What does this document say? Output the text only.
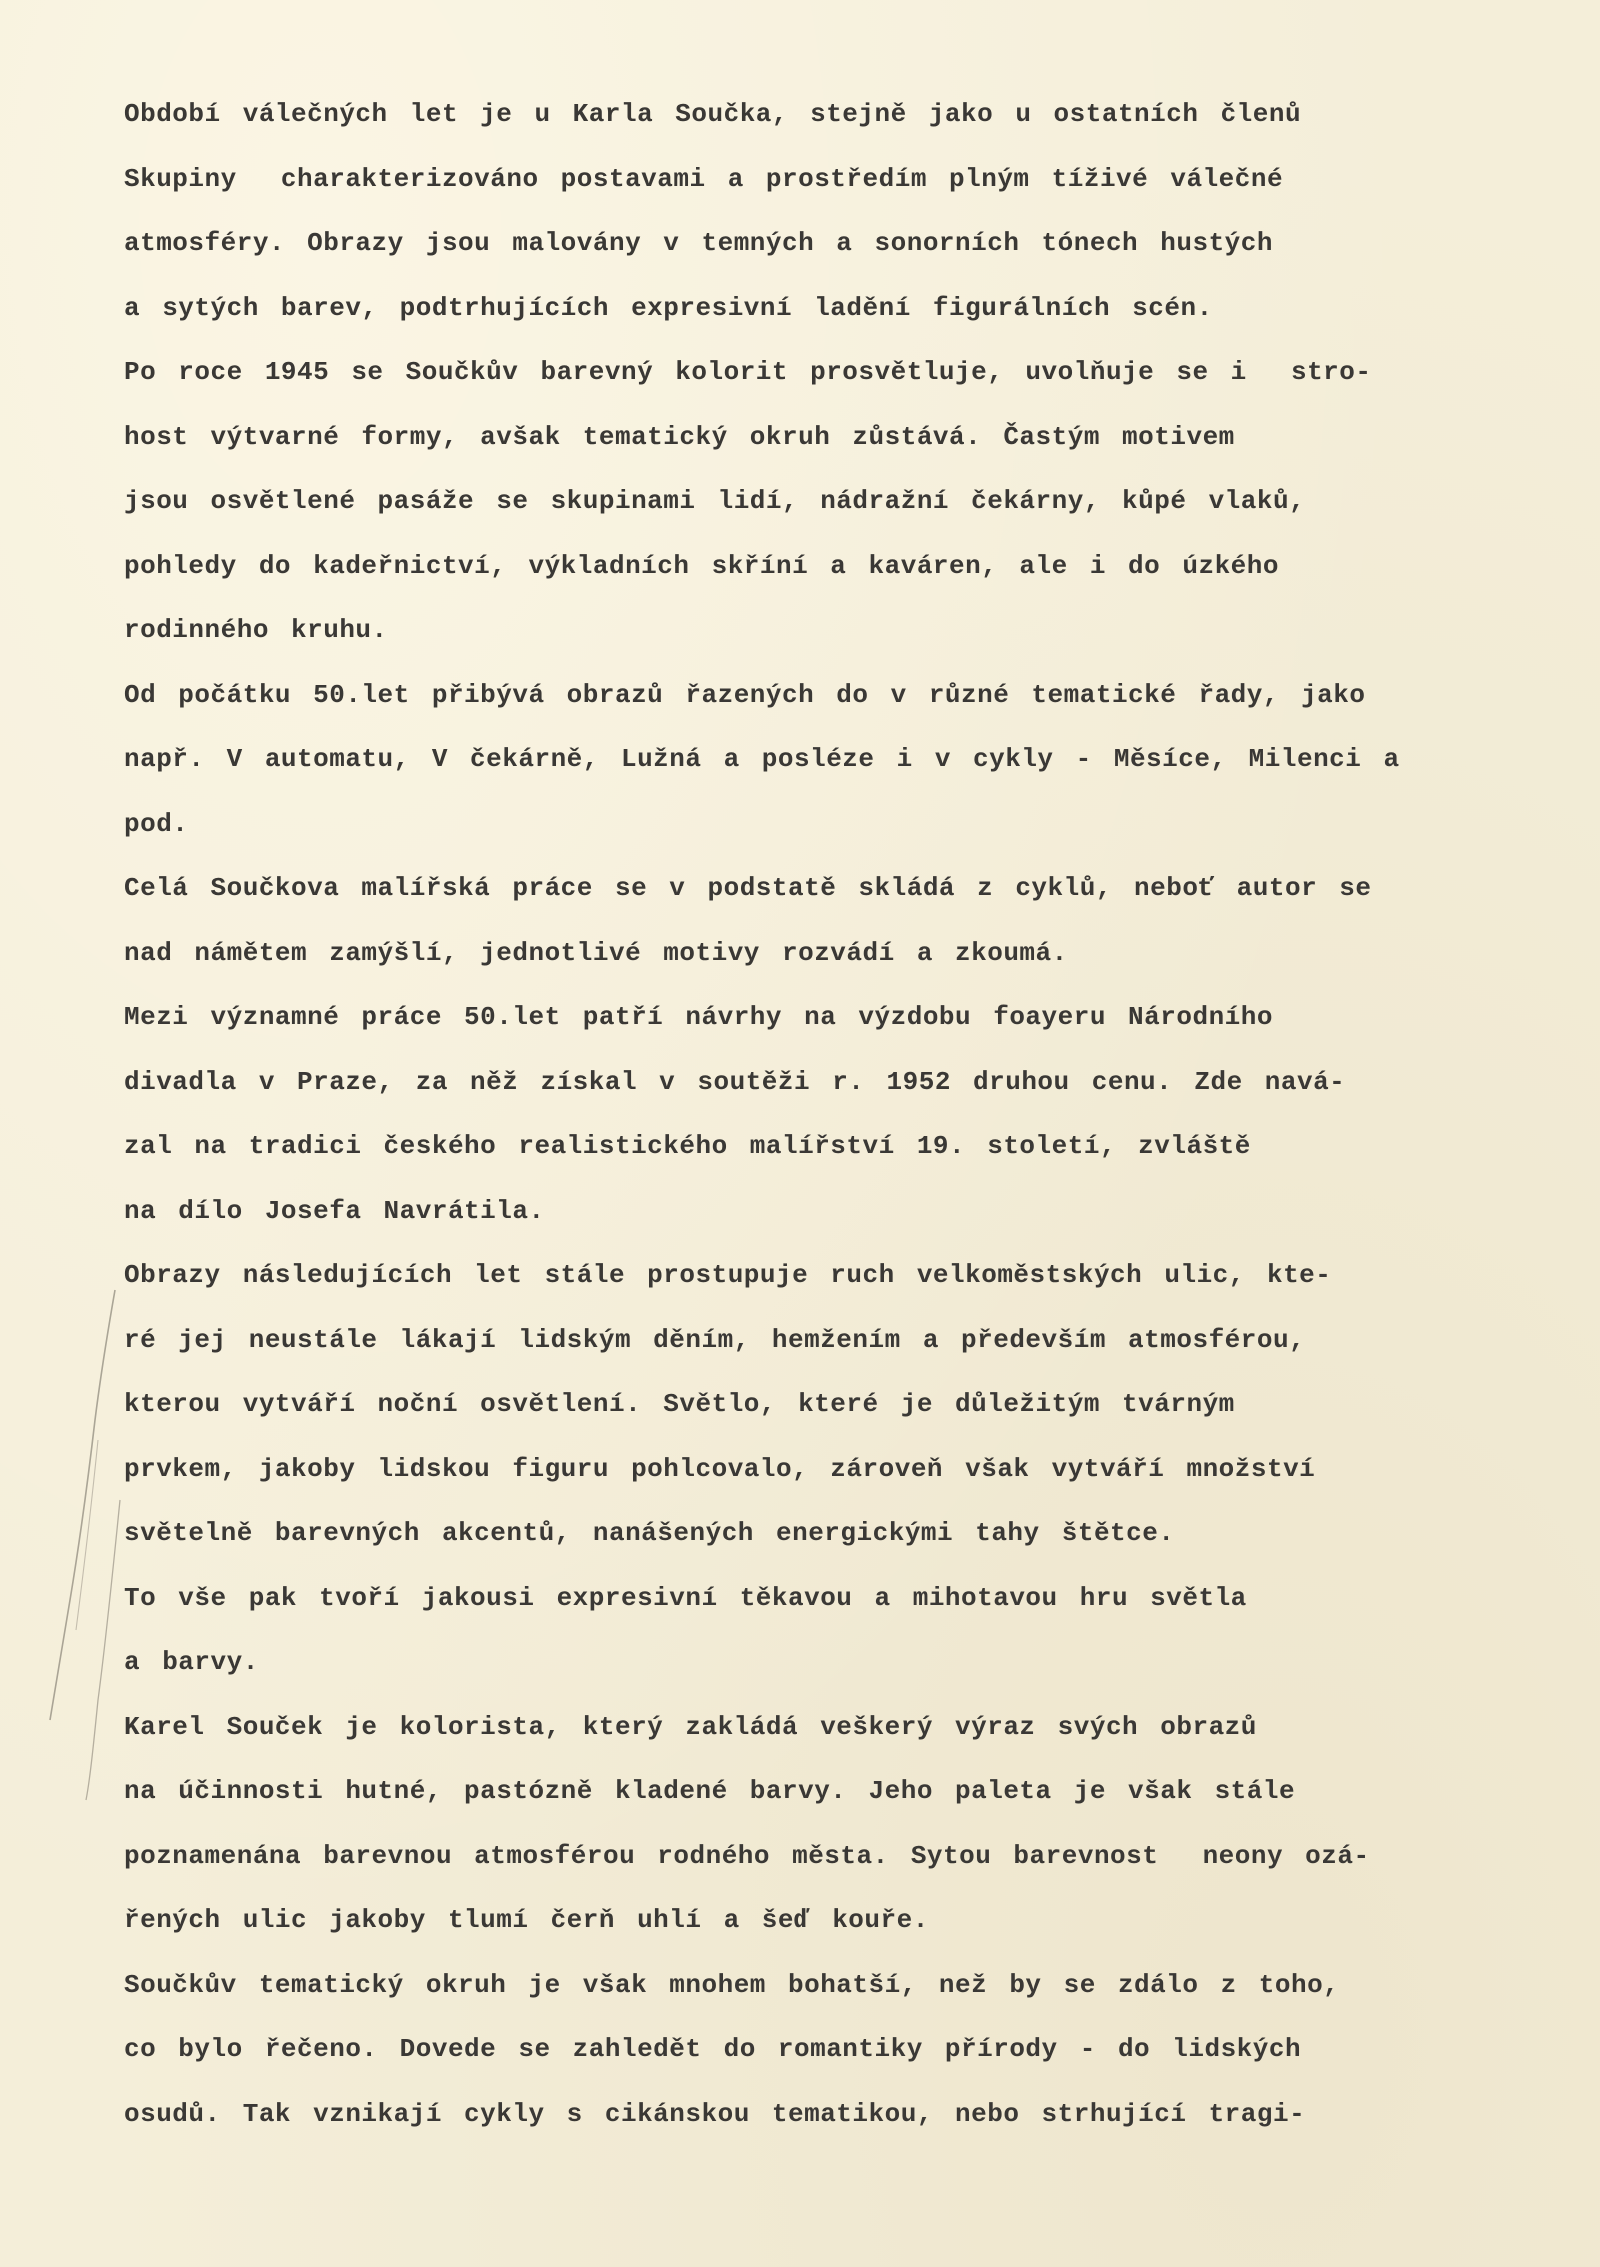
Období válečných let je u Karla Součka, stejně jako u ostatních členů
Skupiny  charakterizováno postavami a prostředím plným tíživé válečné
atmosféry. Obrazy jsou malovány v temných a sonorních tónech hustých
a sytých barev, podtrhujících expresivní ladění figurálních scén.
Po roce 1945 se Součkův barevný kolorit prosvětluje, uvolňuje se i  stro-
host výtvarné formy, avšak tematický okruh zůstává. Častým motivem
jsou osvětlené pasáže se skupinami lidí, nádražní čekárny, kůpé vlaků,
pohledy do kadeřnictví, výkladních skříní a kaváren, ale i do úzkého
rodinného kruhu.
Od počátku 50.let přibývá obrazů řazených do v různé tematické řady, jako
např. V automatu, V čekárně, Lužná a posléze i v cykly - Měsíce, Milenci a
pod.
Celá Součkova malířská práce se v podstatě skládá z cyklů, neboť autor se
nad námětem zamýšlí, jednotlivé motivy rozvádí a zkoumá.
Mezi významné práce 50.let patří návrhy na výzdobu foayeru Národního
divadla v Praze, za něž získal v soutěži r. 1952 druhou cenu. Zde navá-
zal na tradici českého realistického malířství 19. století, zvláště
na dílo Josefa Navrátila.
Obrazy následujících let stále prostupuje ruch velkoměstských ulic, kte-
ré jej neustále lákají lidským děním, hemžením a především atmosférou,
kterou vytváří noční osvětlení. Světlo, které je důležitým tvárným
prvkem, jakoby lidskou figuru pohlcovalo, zároveň však vytváří množství
světelně barevných akcentů, nanášených energickými tahy štětce.
To vše pak tvoří jakousi expresivní těkavou a mihotavou hru světla
a barvy.
Karel Souček je kolorista, který zakládá veškerý výraz svých obrazů
na účinnosti hutné, pastózně kladené barvy. Jeho paleta je však stále
poznamenána barevnou atmosférou rodného města. Sytou barevnost  neony ozá-
řených ulic jakoby tlumí čerň uhlí a šeď kouře.
Součkův tematický okruh je však mnohem bohatší, než by se zdálo z toho,
co bylo řečeno. Dovede se zahledět do romantiky přírody - do lidských
osudů. Tak vznikají cykly s cikánskou tematikou, nebo strhující tragi-
